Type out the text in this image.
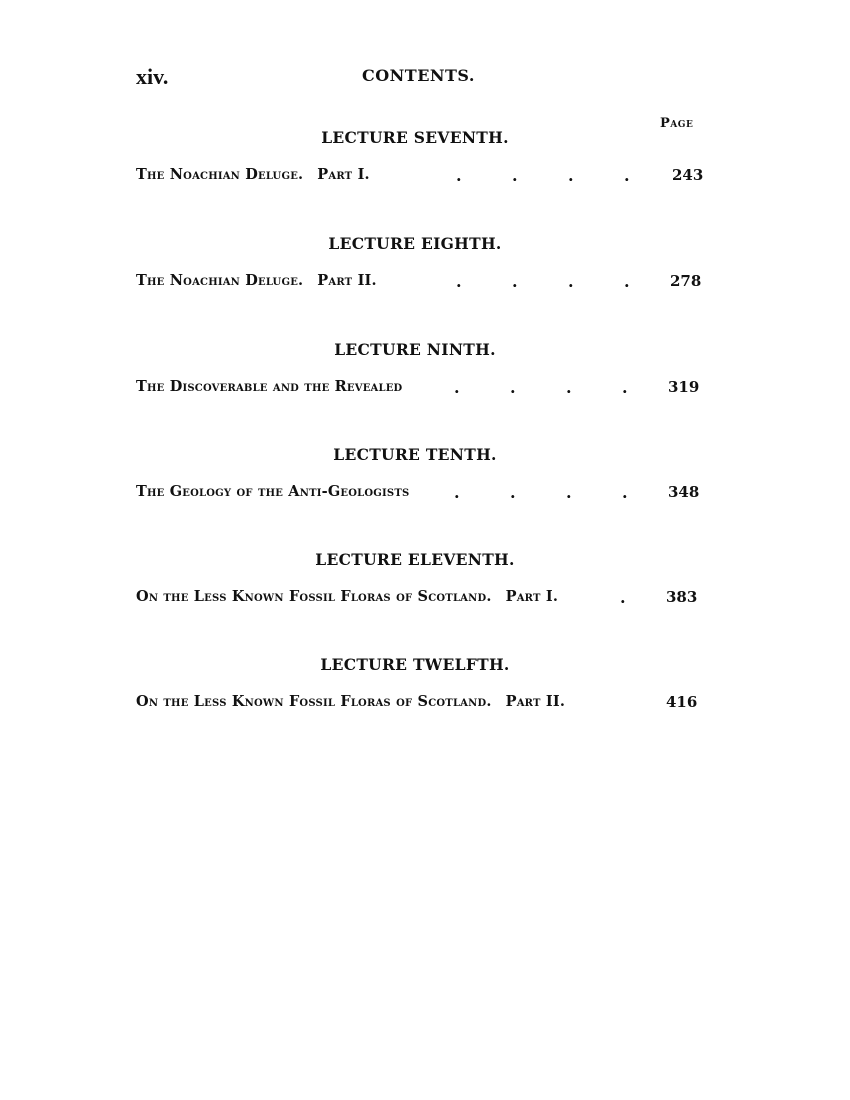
xiv.	CONTENTS.
Page
LECTURE SEVENTH.
The Noachian Deluge. Part I.	.	.	.	.	243
LECTURE EIGHTH.
The Noachian Deluge. Part II.	.	.	.	.	278
LECTURE NINTH.
The Discoverable and the Revealed	.	.	.	.	319
LECTURE TENTH.
The Geology of the Anti-Geologists	.	.	.	.	348
LECTURE ELEVENTH.
On the Less Known Fossil Floras of Scotland. Part I.	.	383
LECTURE TWELFTH.
On the Less Known Fossil Floras of Scotland. Part II.	416
